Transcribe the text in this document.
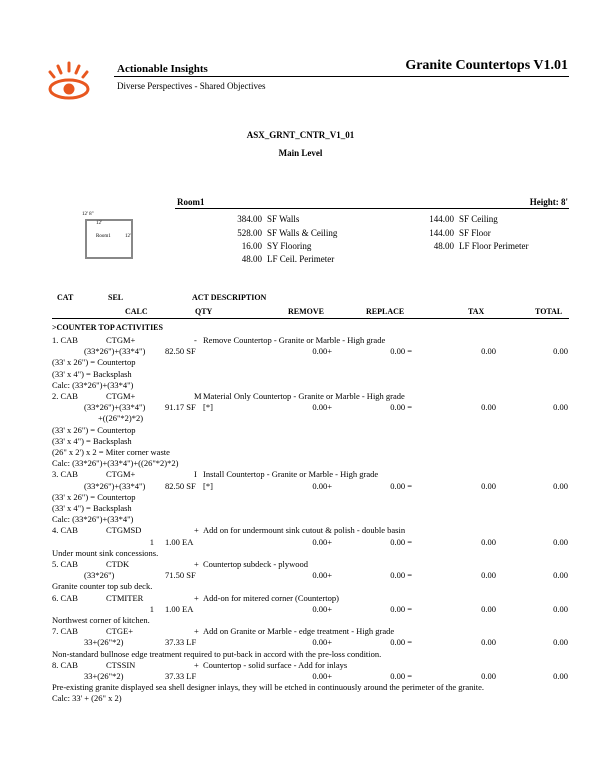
Actionable Insights
Diverse Perspectives - Shared Objectives
Granite Countertops V1.01
ASX_GRNT_CNTR_V1_01
Main Level
Room1	Height: 8'
12' 8"
12'
Room1	12'
384.00 SF Walls
528.00 SF Walls & Ceiling
16.00 SY Flooring
48.00 LF Ceil. Perimeter
144.00 SF Ceiling
144.00 SF Floor
48.00 LF Floor Perimeter
CAT	SEL	ACT DESCRIPTION
CALC	QTY	REMOVE	REPLACE	TAX	TOTAL
>COUNTER TOP ACTIVITIES
1. CAB	CTGM+	- Remove Countertop - Granite or Marble - High grade
(33*26")+(33*4") 82.50 SF	0.00+	0.00 =	0.00	0.00
(33' x 26") = Countertop
(33' x 4") = Backsplash
Calc: (33*26")+(33*4")
2. CAB	CTGM+	M Material Only Countertop - Granite or Marble - High grade
(33*26")+(33*4") 91.17 SF [*]	0.00+	0.00 =	0.00	0.00
+((26"*2)*2)
(33' x 26") = Countertop
(33' x 4") = Backsplash
(26" x 2') x 2 = Miter corner waste
Calc: (33*26")+(33*4")+((26"*2)*2)
3. CAB	CTGM+	I Install Countertop - Granite or Marble - High grade
(33*26")+(33*4") 82.50 SF [*]	0.00+	0.00 =	0.00	0.00
(33' x 26") = Countertop
(33' x 4") = Backsplash
Calc: (33*26")+(33*4")
4. CAB	CTGMSD	+ Add on for undermount sink cutout & polish - double basin
1 1.00 EA	0.00+	0.00 =	0.00	0.00
Under mount sink concessions.
5. CAB	CTDK	+ Countertop subdeck - plywood
(33*26")	71.50 SF	0.00+	0.00 =	0.00	0.00
Granite counter top sub deck.
6. CAB	CTMITER	+ Add-on for mitered corner (Countertop)
1 1.00 EA	0.00+	0.00 =	0.00	0.00
Northwest corner of kitchen.
7. CAB	CTGE+	+ Add on Granite or Marble - edge treatment - High grade
33+(26"*2)	37.33 LF	0.00+	0.00 =	0.00	0.00
Non-standard bullnose edge treatment required to put-back in accord with the pre-loss condition.
8. CAB	CTSSIN	+ Countertop - solid surface - Add for inlays
33+(26"*2)	37.33 LF	0.00+	0.00 =	0.00	0.00
Pre-existing granite displayed sea shell designer inlays, they will be etched in continuously around the perimeter of the granite.
Calc: 33' + (26" x 2)
